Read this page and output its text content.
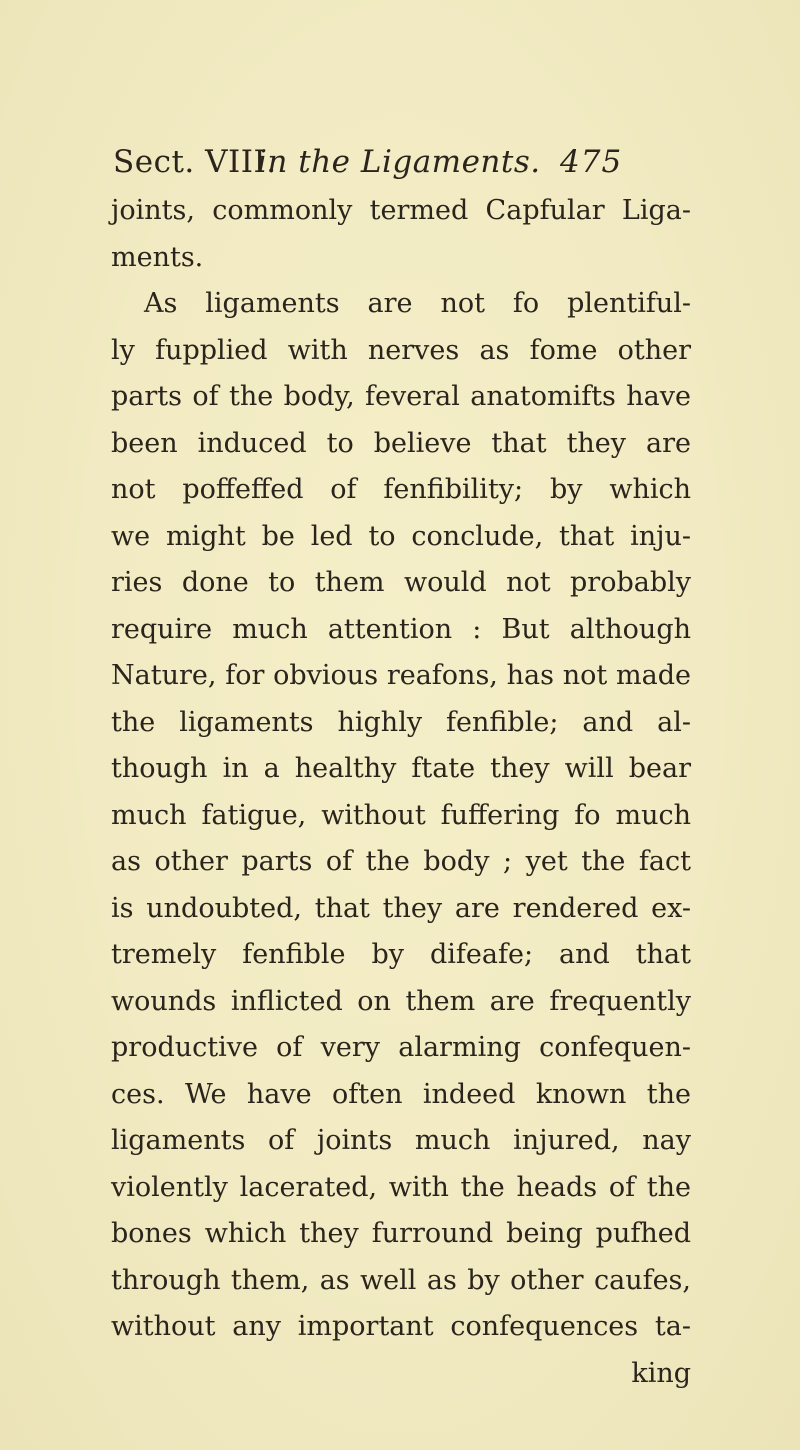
Sect. VIII.
in the Ligaments. 475
joints, commonly termed Capfular Liga-
ments.
As ligaments are not fo plentiful-
ly fupplied with nerves as fome other
parts of the body, feveral anatomifts have
been induced to believe that they are
not poffeffed of fenfibility; by which
we might be led to conclude, that inju-
ries done to them would not probably
require much attention : But although
Nature, for obvious reafons, has not made
the ligaments highly fenfible; and al-
though in a healthy ftate they will bear
much fatigue, without fuffering fo much
as other parts of the body ; yet the fact
is undoubted, that they are rendered ex-
tremely fenfible by difeafe; and that
wounds inflicted on them are frequently
productive of very alarming confequen-
ces. We have often indeed known the
ligaments of joints much injured, nay
violently lacerated, with the heads of the
bones which they furround being pufhed
through them, as well as by other caufes,
without any important confequences ta-
king
